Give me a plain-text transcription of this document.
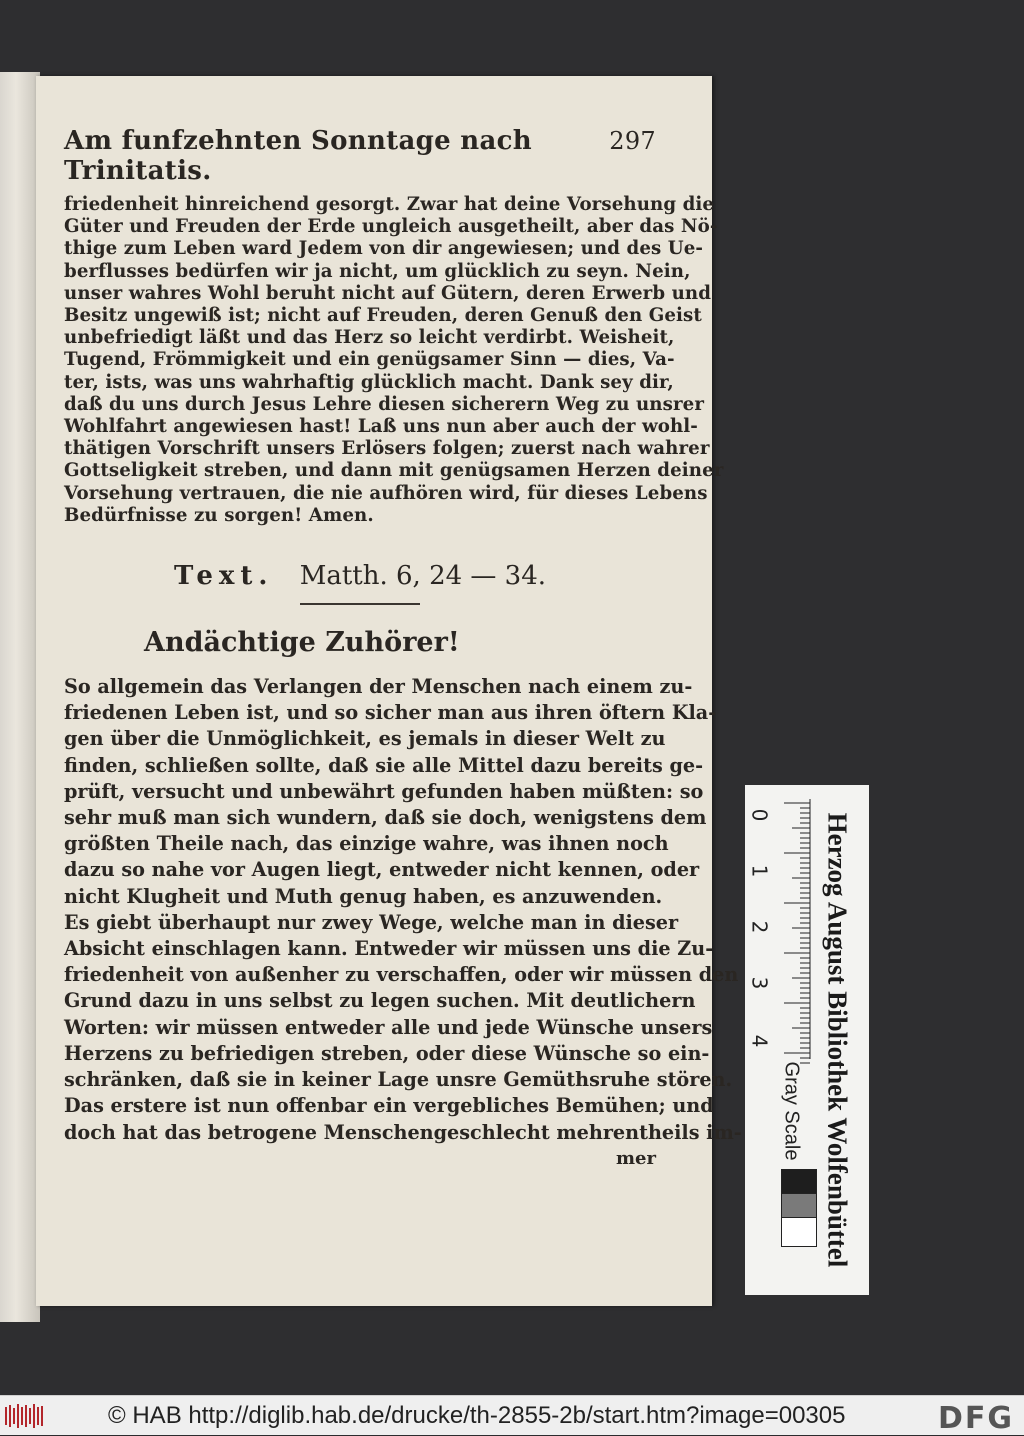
Am funfzehnten Sonntage nach Trinitatis.
297
friedenheit hinreichend gesorgt. Zwar hat deine Vorsehung die
Güter und Freuden der Erde ungleich ausgetheilt, aber das Nö-
thige zum Leben ward Jedem von dir angewiesen; und des Ue-
berflusses bedürfen wir ja nicht, um glücklich zu seyn. Nein,
unser wahres Wohl beruht nicht auf Gütern, deren Erwerb und
Besitz ungewiß ist; nicht auf Freuden, deren Genuß den Geist
unbefriedigt läßt und das Herz so leicht verdirbt. Weisheit,
Tugend, Frömmigkeit und ein genügsamer Sinn — dies, Va-
ter, ists, was uns wahrhaftig glücklich macht. Dank sey dir,
daß du uns durch Jesus Lehre diesen sicherern Weg zu unsrer
Wohlfahrt angewiesen hast! Laß uns nun aber auch der wohl-
thätigen Vorschrift unsers Erlösers folgen; zuerst nach wahrer
Gottseligkeit streben, und dann mit genügsamen Herzen deiner
Vorsehung vertrauen, die nie aufhören wird, für dieses Lebens
Bedürfnisse zu sorgen! Amen.
Text. Matth. 6, 24 — 34.
Andächtige Zuhörer!
So allgemein das Verlangen der Menschen nach einem zu-
friedenen Leben ist, und so sicher man aus ihren öftern Kla-
gen über die Unmöglichkeit, es jemals in dieser Welt zu
finden, schließen sollte, daß sie alle Mittel dazu bereits ge-
prüft, versucht und unbewährt gefunden haben müßten: so
sehr muß man sich wundern, daß sie doch, wenigstens dem
größten Theile nach, das einzige wahre, was ihnen noch
dazu so nahe vor Augen liegt, entweder nicht kennen, oder
nicht Klugheit und Muth genug haben, es anzuwenden.
Es giebt überhaupt nur zwey Wege, welche man in dieser
Absicht einschlagen kann. Entweder wir müssen uns die Zu-
friedenheit von außenher zu verschaffen, oder wir müssen den
Grund dazu in uns selbst zu legen suchen. Mit deutlichern
Worten: wir müssen entweder alle und jede Wünsche unsers
Herzens zu befriedigen streben, oder diese Wünsche so ein-
schränken, daß sie in keiner Lage unsre Gemüthsruhe stören.
Das erstere ist nun offenbar ein vergebliches Bemühen; und
doch hat das betrogene Menschengeschlecht mehrentheils im-
mer
0
1
2
3
4
Gray Scale Herzog August Bibliothek Wolfenbüttel
© HAB http://diglib.hab.de/drucke/th-2855-2b/start.htm?image=00305	DFG
